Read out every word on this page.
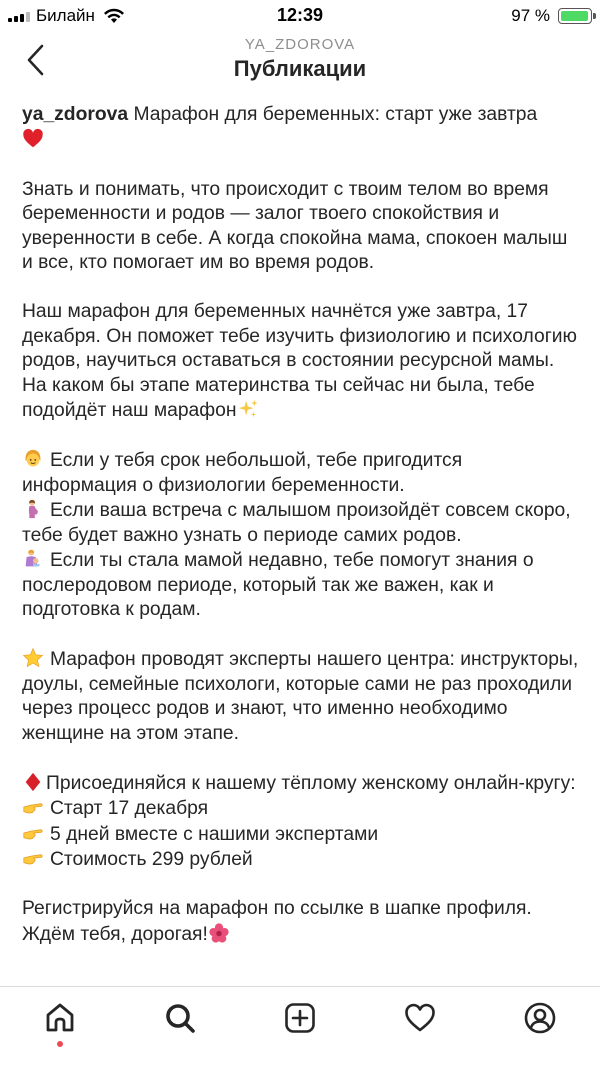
Билайн	12:39	97 %
YA_ZDOROVA
Публикации

ya_zdorova Марафон для беременных: старт уже завтра

Знать и понимать, что происходит с твоим телом во время беременности и родов — залог твоего спокойствия и уверенности в себе. А когда спокойна мама, спокоен малыш и все, кто помогает им во время родов.

Наш марафон для беременных начнётся уже завтра, 17 декабря. Он поможет тебе изучить физиологию и психологию родов, научиться оставаться в состоянии ресурсной мамы. На каком бы этапе материнства ты сейчас ни была, тебе подойдёт наш марафон

Если у тебя срок небольшой, тебе пригодится информация о физиологии беременности.

Если ваша встреча с малышом произойдёт совсем скоро, тебе будет важно узнать о периоде самих родов.

Если ты стала мамой недавно, тебе помогут знания о послеродовом периоде, который так же важен, как и подготовка к родам.

Марафон проводят эксперты нашего центра: инструкторы, доулы, семейные психологи, которые сами не раз проходили через процесс родов и знают, что именно необходимо женщине на этом этапе.

Присоединяйся к нашему тёплому женскому онлайн-кругу:

Старт 17 декабря

5 дней вместе с нашими экспертами

Стоимость 299 рублей

Регистрируйся на марафон по ссылке в шапке профиля. Ждём тебя, дорогая!
